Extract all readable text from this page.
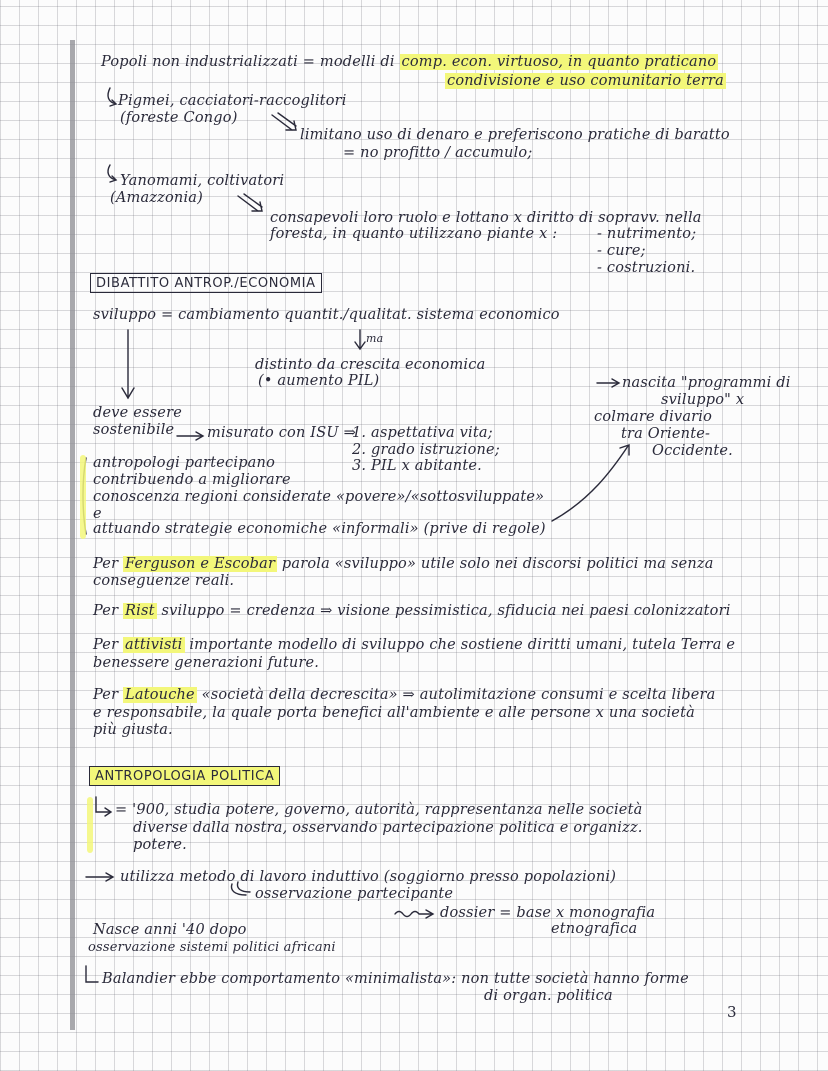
Popoli non industrializzati = modelli di comp. econ. virtuoso, in quanto praticano
condivisione e uso comunitario terra
Pigmei, cacciatori-raccoglitori
(foreste Congo)
limitano uso di denaro e preferiscono pratiche di baratto
= no profitto / accumulo;
Yanomami, coltivatori
(Amazzonia)
consapevoli loro ruolo e lottano x diritto di sopravv. nella
foresta, in quanto utilizzano piante x :	- nutrimento;
- cure;
- costruzioni.
DIBATTITO ANTROP./ECONOMIA
sviluppo = cambiamento quantit./qualitat. sistema economico
ma
distinto da crescita economica
(• aumento PIL)	nascita "programmi di
sviluppo" x
colmare divario
tra Oriente-
Occidente.
deve essere
sostenibile misurato con ISU ⇒
1. aspettativa vita;
2. grado istruzione;
3. PIL x abitante.
antropologi partecipano
contribuendo a migliorare
conoscenza regioni considerate «povere»/«sottosviluppate»
e
attuando strategie economiche «informali» (prive di regole)
Per Ferguson e Escobar parola «sviluppo» utile solo nei discorsi politici ma senza
conseguenze reali.
Per Rist sviluppo = credenza ⇒ visione pessimistica, sfiducia nei paesi colonizzatori
Per attivisti importante modello di sviluppo che sostiene diritti umani, tutela Terra e
benessere generazioni future.
Per Latouche «società della decrescita» ⇒ autolimitazione consumi e scelta libera
e responsabile, la quale porta benefici all'ambiente e alle persone x una società
più giusta.
ANTROPOLOGIA POLITICA
= '900, studia potere, governo, autorità, rappresentanza nelle società
diverse dalla nostra, osservando partecipazione politica e organizz.
potere.
utilizza metodo di lavoro induttivo (soggiorno presso popolazioni)
osservazione partecipante
dossier = base x monografia
etnografica
Nasce anni '40 dopo
osservazione sistemi politici africani
Balandier ebbe comportamento «minimalista»: non tutte società hanno forme
di organ. politica
3
